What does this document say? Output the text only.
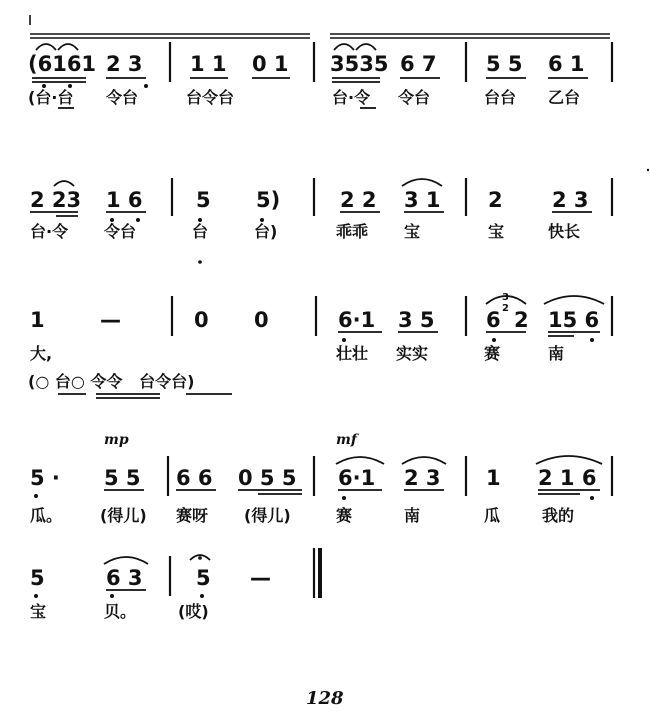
(6161 2 3 1 1 0 1 3535 6 7 5 5 6 1
(台·台 令台	台令台	台·令 令台	台台 乙台
2 23 1 6	5 5)	2 2 3 1 2 2 3
台·令 令台	台	台)	乖乖 宝	宝	快长
1	—	0 0	6·1 3 5 6 2 15 6
3
2
大,	壮壮 实实	赛	南
(○ 台○ 令令   台令台)
mp	mf
5 · 5 5 6 6 0 5 5 6·1 2 3 1 2 1 6
瓜。 (得儿) 赛呀 (得儿)	赛	南	瓜	我的
5	6 3	5 —
宝	贝。	(哎)
128
